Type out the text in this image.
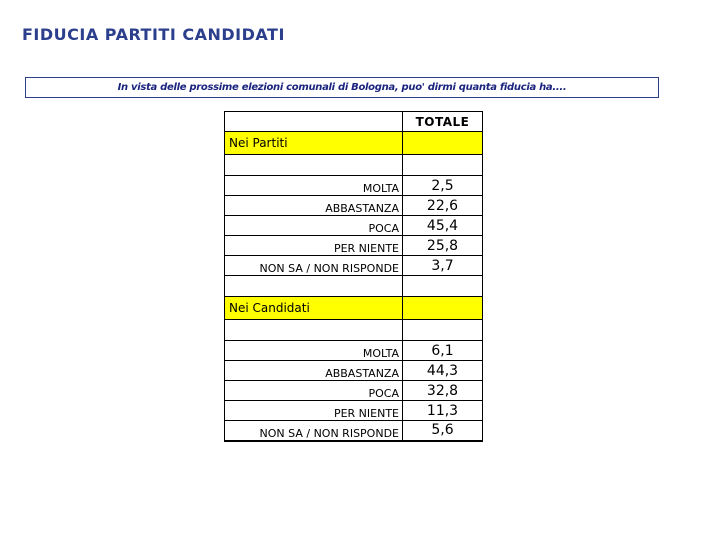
FIDUCIA PARTITI CANDIDATI
In vista delle prossime elezioni comunali di Bologna, puo' dirmi quanta fiducia ha....
	TOTALE
Nei Partiti	

MOLTA	2,5
ABBASTANZA	22,6
POCA	45,4
PER NIENTE	25,8
NON SA / NON RISPONDE	3,7

Nei Candidati	

MOLTA	6,1
ABBASTANZA	44,3
POCA	32,8
PER NIENTE	11,3
NON SA / NON RISPONDE	5,6
